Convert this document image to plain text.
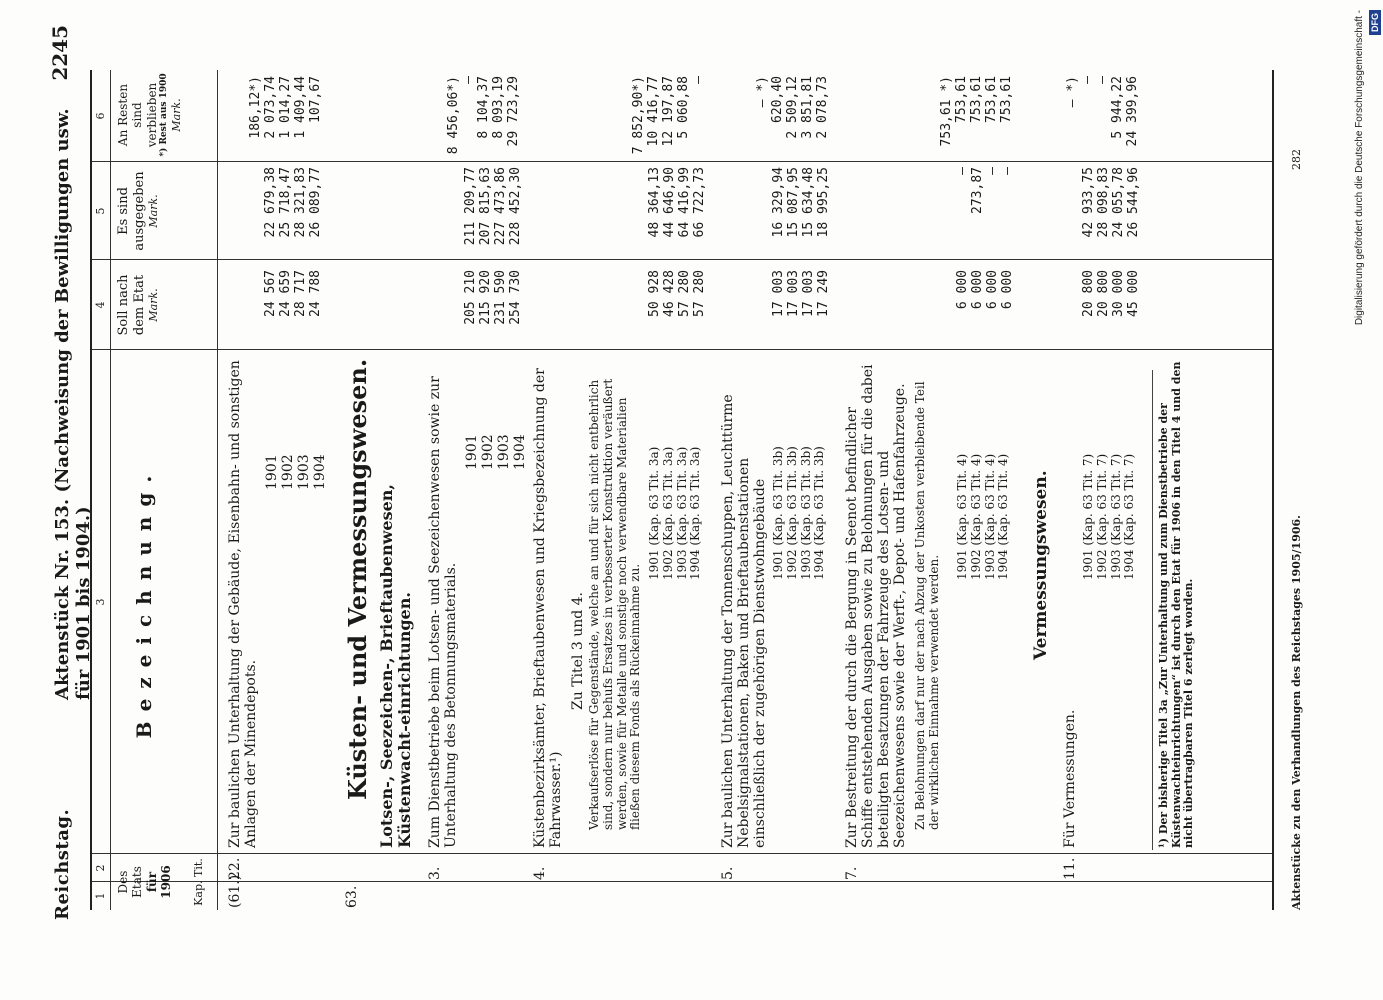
Reichstag.
Aktenstück Nr. 153. (Nachweisung der Bewilligungen usw. für 1901 bis 1904.)
2245
1
2
3
4
5
6
Des Etats für 1906 Kap. Tit.
Bezeichnung.
Soll nach dem Etat Mark.
Es sind ausgegeben Mark.
An Resten sind verblieben *) Rest aus 1900 Mark.
(61.)
22.
Zur baulichen Unterhaltung der Gebäude, Eisenbahn- und sonstigen Anlagen der Minendepots.
1901 1902 1903 1904
24 567 24 659 28 717 24 788
22 679,38 25 718,47 28 321,83 26 089,77
186,12*) 2 073,74 1 014,27 1 409,44 107,67
63.
Küsten- und Vermessungswesen. Lotsen-, Seezeichen-, Brieftaubenwesen, Küstenwacht-einrichtungen.
3.
Zum Dienstbetriebe beim Lotsen- und Seezeichenwesen sowie zur Unterhaltung des Betonnungsmaterials.
1901 1902 1903 1904
205 210 215 920 231 590 254 730
211 209,77 207 815,63 227 473,86 228 452,30
8 456,06*) — 8 104,37 8 093,19 29 723,29
4.
Küstenbezirksämter, Brieftaubenwesen und Kriegsbezeichnung der Fahrwasser.¹)
Zu Titel 3 und 4. Verkaufserlöse für Gegenstände, welche an und für sich nicht entbehrlich sind, sondern nur behufs Ersatzes in verbesserter Konstruktion veräußert werden, sowie für Metalle und sonstige noch verwendbare Materialien fließen diesem Fonds als Rückeinnahme zu.
1901 (Kap. 63 Tit. 3a) 1902 (Kap. 63 Tit. 3a) 1903 (Kap. 63 Tit. 3a) 1904 (Kap. 63 Tit. 3a)
50 928 46 428 57 280 57 280
48 364,13 44 646,90 64 416,99 66 722,73
7 852,90*) 10 416,77 12 197,87 5 060,88 —
5.
Zur baulichen Unterhaltung der Tonnenschuppen, Leuchttürme Nebelsignalstationen, Baken und Brieftaubenstationen einschließlich der zugehörigen Dienstwohngebäude 1901 (Kap. 63 Tit. 3b) 1902 (Kap. 63 Tit. 3b) 1903 (Kap. 63 Tit. 3b) 1904 (Kap. 63 Tit. 3b)
17 003 17 003 17 003 17 249
16 329,94 15 087,95 15 634,48 18 995,25
— *) 620,40 2 509,12 3 851,81 2 078,73
7.
Zur Bestreitung der durch die Bergung in Seenot befindlicher Schiffe entstehenden Ausgaben sowie zu Belohnungen für die dabei beteiligten Besatzungen der Fahrzeuge des Lotsen- und Seezeichenwesens sowie der Werft-, Depot- und Hafenfahrzeuge. Zu Belohnungen darf nur der nach Abzug der Unkosten verbleibende Teil der wirklichen Einnahme verwendet werden.
1901 (Kap. 63 Tit. 4) 1902 (Kap. 63 Tit. 4) 1903 (Kap. 63 Tit. 4) 1904 (Kap. 63 Tit. 4)
6 000 6 000 6 000 6 000
— 273,87 — —
753,61 *) 753,61 753,61 753,61 753,61
Vermessungswesen.
11.
Für Vermessungen.
1901 (Kap. 63 Tit. 7) 1902 (Kap. 63 Tit. 7) 1903 (Kap. 63 Tit. 7) 1904 (Kap. 63 Tit. 7)
20 800 20 800 30 000 45 000
42 933,75 28 098,83 24 055,78 26 544,96
— *) — — 5 944,22 24 399,96
¹) Der bisherige Titel 3a „Zur Unterhaltung und zum Dienstbetriebe der Küstenwachteinrichtungen“ ist durch den Etat für 1906 in den Titel 4 und den nicht übertragbaren Titel 6 zerlegt worden.	Aktenstücke zu den Verhandlungen des Reichstages 1905/1906.
282	Digitalisierung gefördert durch die Deutsche Forschungsgemeinschaft - DFG
